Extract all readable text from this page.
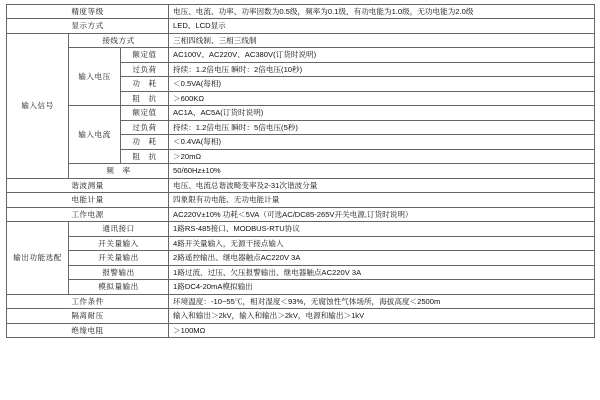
精度等级			电压、电流、功率、功率因数为0.5级，频率为0.1级，有功电能为1.0级，无功电能为2.0级
显示方式			LED、LCD显示
输入信号	接线方式		三相四线制、三相三线制
	输入电压	额定值	AC100V、AC220V、AC380V(订货时说明)
		过负荷	持续：1.2倍电压 瞬时：2倍电压(10秒)
		功　耗	＜0.5VA(每相)
		阻　抗	＞600KΩ
	输入电流	额定值	AC1A、AC5A(订货时说明)
		过负荷	持续：1.2倍电压 瞬时：5倍电压(5秒)
		功　耗	＜0.4VA(每相)
		阻　抗	＞20mΩ
	频　率		50/60Hz±10%
谐波测量			电压、电流总谐波畸变率及2-31次谐波分量
电能计量			四象限有功电能、无功电能计量
工作电源			AC220V±10% 功耗＜5VA（可选AC/DC85-265V开关电源,订货时说明）
输出功能选配	通讯接口		1路RS-485接口、MODBUS-RTU协议
	开关量输入		4路开关量输入，无源干接点输入
	开关量输出		2路遥控输出、继电器触点AC220V 3A
	报警输出		1路过流、过压、欠压报警输出、继电器触点AC220V 3A
	模拟量输出		1路DC4-20mA模拟输出
工作条件			环境温度：-10~55℃，相对湿度＜93%，无腐蚀性气体场所，海拔高度＜2500m
隔离耐压			输入和输出＞2kV，输入和输出＞2kV，电源和输出＞1kV
绝缘电阻			＞100MΩ
